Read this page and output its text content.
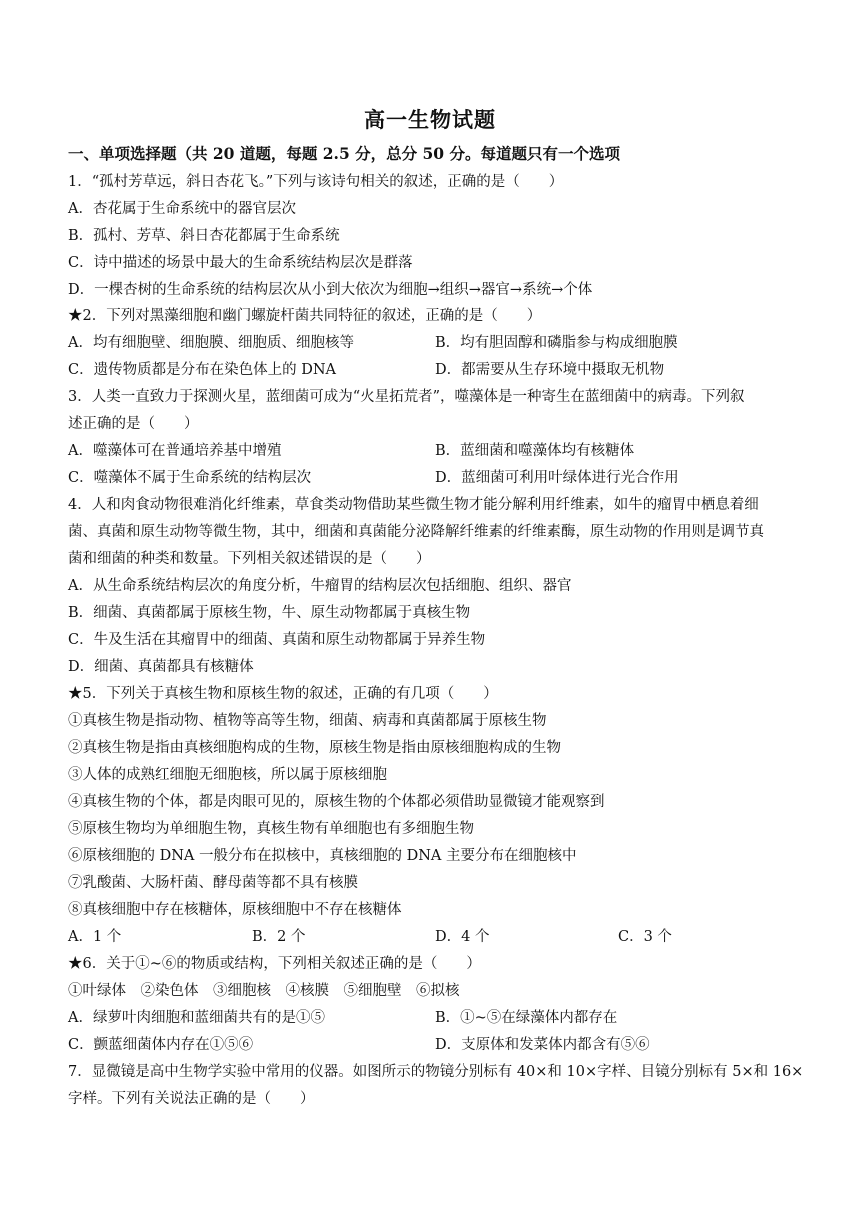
高一生物试题
一、单项选择题（共 20 道题，每题 2.5 分，总分 50 分。每道题只有一个选项
1．“孤村芳草远，斜日杏花飞。”下列与该诗句相关的叙述，正确的是（　　）
A．杏花属于生命系统中的器官层次
B．孤村、芳草、斜日杏花都属于生命系统
C．诗中描述的场景中最大的生命系统结构层次是群落
D．一棵杏树的生命系统的结构层次从小到大依次为细胞→组织→器官→系统→个体
★2．下列对黑藻细胞和幽门螺旋杆菌共同特征的叙述，正确的是（　　）
A．均有细胞壁、细胞膜、细胞质、细胞核等	B．均有胆固醇和磷脂参与构成细胞膜
C．遗传物质都是分布在染色体上的 DNA	D．都需要从生存环境中摄取无机物
3．人类一直致力于探测火星，蓝细菌可成为“火星拓荒者”，噬藻体是一种寄生在蓝细菌中的病毒。下列叙
述正确的是（　　）
A．噬藻体可在普通培养基中增殖	B．蓝细菌和噬藻体均有核糖体
C．噬藻体不属于生命系统的结构层次	D．蓝细菌可利用叶绿体进行光合作用
4．人和肉食动物很难消化纤维素，草食类动物借助某些微生物才能分解利用纤维素，如牛的瘤胃中栖息着细
菌、真菌和原生动物等微生物，其中，细菌和真菌能分泌降解纤维素的纤维素酶，原生动物的作用则是调节真
菌和细菌的种类和数量。下列相关叙述错误的是（　　）
A．从生命系统结构层次的角度分析，牛瘤胃的结构层次包括细胞、组织、器官
B．细菌、真菌都属于原核生物，牛、原生动物都属于真核生物
C．牛及生活在其瘤胃中的细菌、真菌和原生动物都属于异养生物
D．细菌、真菌都具有核糖体
★5．下列关于真核生物和原核生物的叙述，正确的有几项（　　）
①真核生物是指动物、植物等高等生物，细菌、病毒和真菌都属于原核生物
②真核生物是指由真核细胞构成的生物，原核生物是指由原核细胞构成的生物
③人体的成熟红细胞无细胞核，所以属于原核细胞
④真核生物的个体，都是肉眼可见的，原核生物的个体都必须借助显微镜才能观察到
⑤原核生物均为单细胞生物，真核生物有单细胞也有多细胞生物
⑥原核细胞的 DNA 一般分布在拟核中，真核细胞的 DNA 主要分布在细胞核中
⑦乳酸菌、大肠杆菌、酵母菌等都不具有核膜
⑧真核细胞中存在核糖体，原核细胞中不存在核糖体
A．1 个	B．2 个	D．4 个	C．3 个
★6．关于①~⑥的物质或结构，下列相关叙述正确的是（　　）
①叶绿体　②染色体　③细胞核　④核膜　⑤细胞壁　⑥拟核
A．绿萝叶肉细胞和蓝细菌共有的是①⑤	B．①~⑤在绿藻体内都存在
C．颤蓝细菌体内存在①⑤⑥	D．支原体和发菜体内都含有⑤⑥
7．显微镜是高中生物学实验中常用的仪器。如图所示的物镜分别标有 40×和 10×字样、目镜分别标有 5×和 16×
字样。下列有关说法正确的是（　　）
